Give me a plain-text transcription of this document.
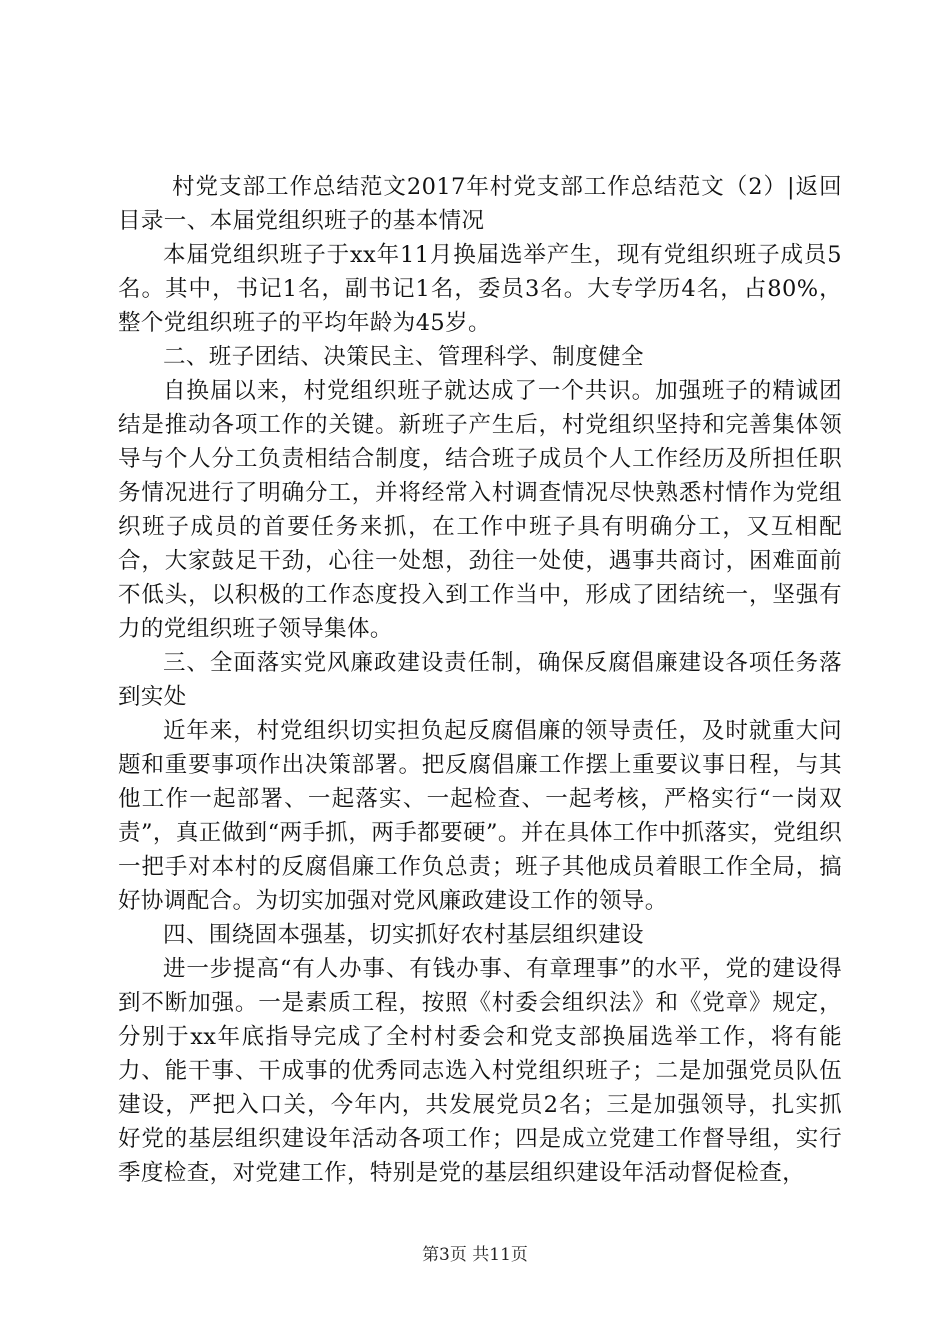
村党支部工作总结范文2017年村党支部工作总结范文（2）|返回目录一、本届党组织班子的基本情况

本届党组织班子于xx年11月换届选举产生，现有党组织班子成员5名。其中，书记1名，副书记1名，委员3名。大专学历4名，占80%，整个党组织班子的平均年龄为45岁。

二、班子团结、决策民主、管理科学、制度健全

自换届以来，村党组织班子就达成了一个共识。加强班子的精诚团结是推动各项工作的关键。新班子产生后，村党组织坚持和完善集体领导与个人分工负责相结合制度，结合班子成员个人工作经历及所担任职务情况进行了明确分工，并将经常入村调查情况尽快熟悉村情作为党组织班子成员的首要任务来抓，在工作中班子具有明确分工，又互相配合，大家鼓足干劲，心往一处想，劲往一处使，遇事共商讨，困难面前不低头，以积极的工作态度投入到工作当中，形成了团结统一，坚强有力的党组织班子领导集体。

三、全面落实党风廉政建设责任制，确保反腐倡廉建设各项任务落到实处

近年来，村党组织切实担负起反腐倡廉的领导责任，及时就重大问题和重要事项作出决策部署。把反腐倡廉工作摆上重要议事日程，与其他工作一起部署、一起落实、一起检查、一起考核，严格实行“一岗双责”，真正做到“两手抓，两手都要硬”。并在具体工作中抓落实，党组织一把手对本村的反腐倡廉工作负总责；班子其他成员着眼工作全局，搞好协调配合。为切实加强对党风廉政建设工作的领导。

四、围绕固本强基，切实抓好农村基层组织建设

进一步提高“有人办事、有钱办事、有章理事”的水平，党的建设得到不断加强。一是素质工程，按照《村委会组织法》和《党章》规定，分别于xx年底指导完成了全村村委会和党支部换届选举工作，将有能力、能干事、干成事的优秀同志选入村党组织班子；二是加强党员队伍建设，严把入口关，今年内，共发展党员2名；三是加强领导，扎实抓好党的基层组织建设年活动各项工作；四是成立党建工作督导组，实行季度检查，对党建工作，特别是党的基层组织建设年活动督促检查，

第3页 共11页
